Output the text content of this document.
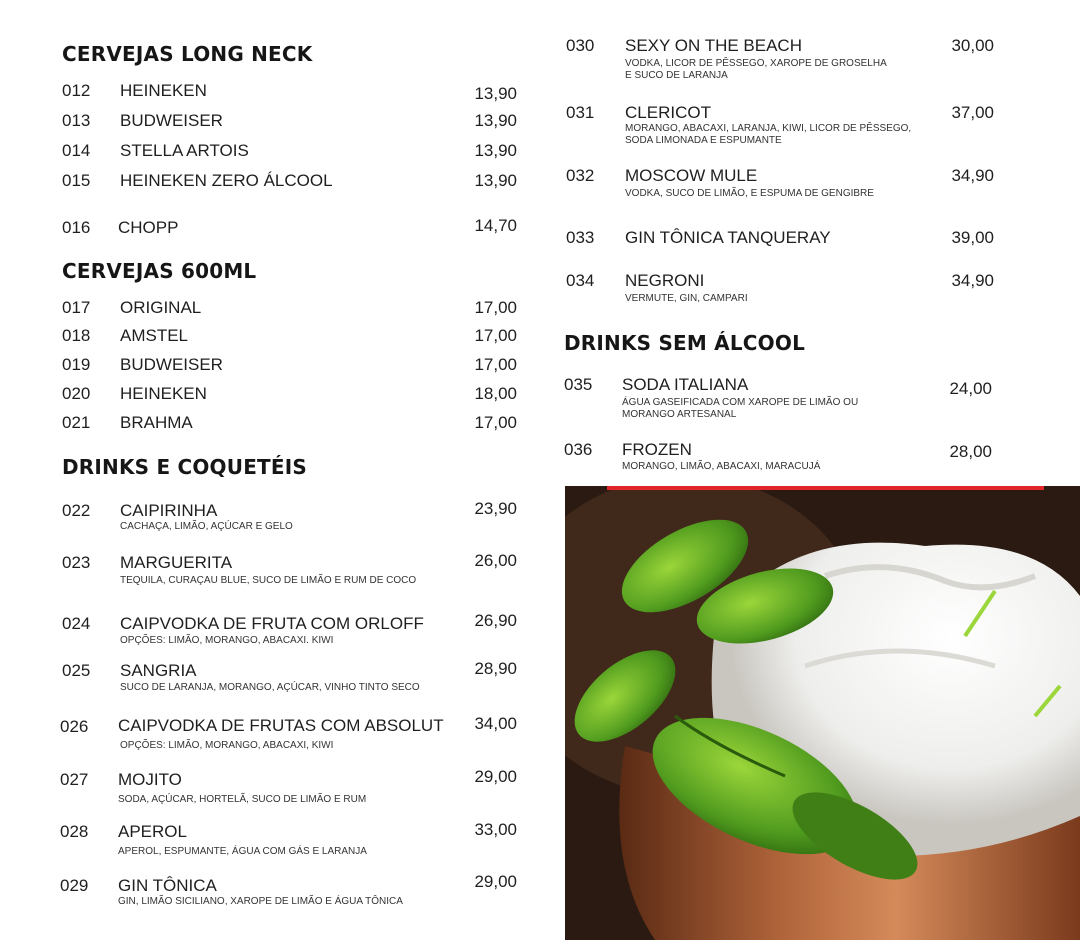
CERVEJAS LONG NECK
012 HEINEKEN	13,90
013 BUDWEISER	13,90
014 STELLA ARTOIS	13,90
015 HEINEKEN ZERO ÁLCOOL	13,90
016 CHOPP	14,70
CERVEJAS 600ML
017 ORIGINAL	17,00
018 AMSTEL	17,00
019 BUDWEISER	17,00
020 HEINEKEN	18,00
021 BRAHMA	17,00
DRINKS E COQUETÉIS
022 CAIPIRINHA
CACHAÇA, LIMÃO, AÇÚCAR E GELO
23,90
023 MARGUERITA
TEQUILA, CURAÇAU BLUE, SUCO DE LIMÃO E RUM DE COCO
26,00
024 CAIPVODKA DE FRUTA COM ORLOFF
OPÇÕES: LIMÃO, MORANGO, ABACAXI. KIWI
26,90
025 SANGRIA
SUCO DE LARANJA, MORANGO, AÇÚCAR, VINHO TINTO SECO
28,90
026 CAIPVODKA DE FRUTAS COM ABSOLUT
OPÇÕES: LIMÃO, MORANGO, ABACAXI, KIWI
34,00
027 MOJITO
SODA, AÇÚCAR, HORTELÃ, SUCO DE LIMÃO E RUM
29,00
028 APEROL
APEROL, ESPUMANTE, ÁGUA COM GÁS E LARANJA
33,00
029 GIN TÔNICA
GIN, LIMÃO SICILIANO, XAROPE DE LIMÃO E ÁGUA TÔNICA
29,00
030 SEXY ON THE BEACH
VODKA, LICOR DE PÊSSEGO, XAROPE DE GROSELHA
E SUCO DE LARANJA
30,00
031 CLERICOT
MORANGO, ABACAXI, LARANJA, KIWI, LICOR DE PÊSSEGO,
SODA LIMONADA E ESPUMANTE
37,00
032 MOSCOW MULE
VODKA, SUCO DE LIMÃO, E ESPUMA DE GENGIBRE
34,90
033 GIN TÔNICA TANQUERAY	39,00
034 NEGRONI
VERMUTE, GIN, CAMPARI
34,90
DRINKS SEM ÁLCOOL
035 SODA ITALIANA
ÁGUA GASEIFICADA COM XAROPE DE LIMÃO OU
MORANGO ARTESANAL
24,00
036 FROZEN
MORANGO, LIMÃO, ABACAXI, MARACUJÁ
28,00
